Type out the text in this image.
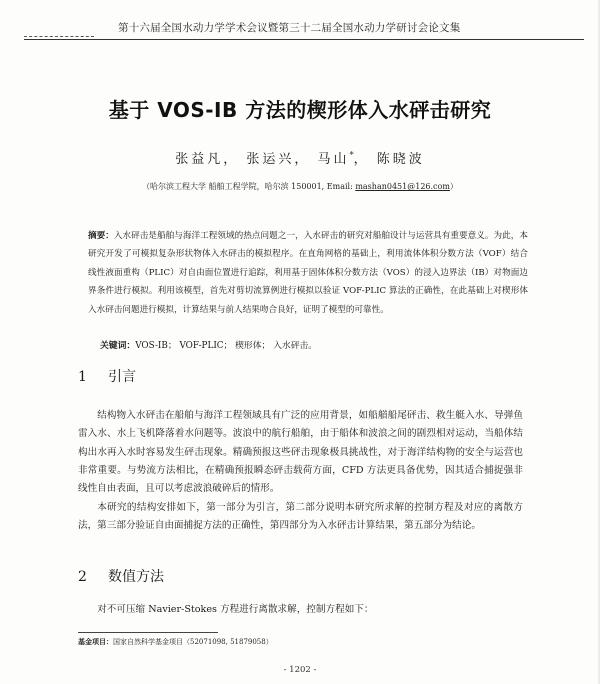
第十六届全国水动力学学术会议暨第三十二届全国水动力学研讨会论文集
基于 VOS-IB 方法的楔形体入水砰击研究
张益凡， 张运兴， 马山*， 陈晓波
（哈尔滨工程大学 船舶工程学院，哈尔滨 150001, Email: mashan0451@126.com）
摘要：入水砰击是船舶与海洋工程领域的热点问题之一，入水砰击的研究对船舶设计与运营具有重要意义。为此，本研究开发了可模拟复杂形状物体入水砰击的模拟程序。在直角网格的基础上，利用流体体积分数方法（VOF）结合线性液面重构（PLIC）对自由面位置进行追踪，利用基于固体体积分数方法（VOS）的浸入边界法（IB）对物面边界条件进行模拟。利用该模型，首先对剪切流算例进行模拟以验证 VOF-PLIC 算法的正确性，在此基础上对楔形体入水砰击问题进行模拟，计算结果与前人结果吻合良好，证明了模型的可靠性。
关键词：VOS-IB； VOF-PLIC； 楔形体； 入水砰击。
1 引言
结构物入水砰击在船舶与海洋工程领域具有广泛的应用背景，如船艏船尾砰击、救生艇入水、导弹鱼雷入水、水上飞机降落着水问题等。波浪中的航行船舶，由于船体和波浪之间的剧烈相对运动，当船体结构出水再入水时容易发生砰击现象。精确预报这些砰击现象极具挑战性，对于海洋结构物的安全与运营也非常重要。与势流方法相比，在精确预报瞬态砰击载荷方面，CFD 方法更具备优势，因其适合捕捉强非线性自由表面，且可以考虑波浪破碎后的情形。
本研究的结构安排如下，第一部分为引言，第二部分说明本研究所求解的控制方程及对应的离散方法，第三部分验证自由面捕捉方法的正确性，第四部分为入水砰击计算结果，第五部分为结论。
2 数值方法
对不可压缩 Navier-Stokes 方程进行离散求解，控制方程如下：
基金项目：国家自然科学基金项目（52071098, 51879058）
- 1202 -
